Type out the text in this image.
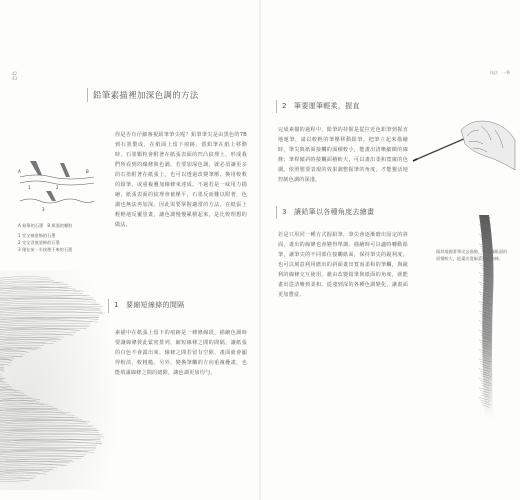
42
43
鉛筆素描裡加深色調的方法
你是否有仔細審視鉛筆筆尖呢？鉛筆筆尖是由黑色的7B到石墨製成，在紙面上留下痕跡。當鉛筆在紙上移動時，石墨顆粒會附著在紙張表面的凹凸紋理上，形成我們所看到的線條與色調。若要加深色調，就必須讓更多的石墨附著在紙張上，也可以透過改變筆壓、換用較軟的鉛筆、或重複疊加線條來達成。不過若是一味用力描繪，紙張表面的紋理會被壓平，石墨反而難以附著，色調也無法再加深，因此需要掌握適當的方法。在紙張上輕輕地反覆塗畫，讓色調慢慢累積起來，是比較理想的做法。
A	B
1	2
3

A 鉛筆的石墨　B 紙張的顆粒

1 完全被塗佈的石墨

2 完全沒被塗佈的石墨

3 僅在前一半紋理下來的石墨

1　要縮短線條的間隔
素描中在紙張上留下的痕跡是一條條線段，描繪色調時要讓線條彼此緊密排列，縮短線條之間的間隔，讓紙張的白色不會露出來。線條之間若留有空隙，畫面就會顯得較淡、較粗糙。另外，變換筆觸的方向重複疊畫，也能填滿線條之間的縫隙，讓色調更加均勻。
技法 一筆
2　筆要運筆輕柔，握直
完成素描的過程中，鉛筆的持握是從拉近色鉛筆到握直地運筆，請以較輕的筆壓移動鉛筆。把筆立起來描繪時，筆尖與紙面接觸的面積較小，能畫出清晰細緻的線條；筆桿傾斜時接觸面積較大，可以畫出柔和寬廣的色調。依照想要表現的效果調整握筆的角度，才能靈活地控制色調的深淺。
3　讓鉛筆以各種角度去繪畫
若是只用同一種方式握鉛筆，筆尖會逐漸磨出固定的斜面，畫出的線條也會變得單調。描繪時可以適時轉動鉛筆，讓筆尖的不同部位接觸紙面，保持筆尖的銳利度。也可以刻意利用磨出的斜面畫出寬而柔和的筆觸，與銳利的線條交互使用。藉由改變鉛筆與紙面的角度，就能畫出從清晰到柔和、從淺到深的各種色調變化，讓畫面更加豐富。
傾斜地握著筆尖去描繪，筆接觸紙面的面積較大，能畫出寬幅柔和的線條。
